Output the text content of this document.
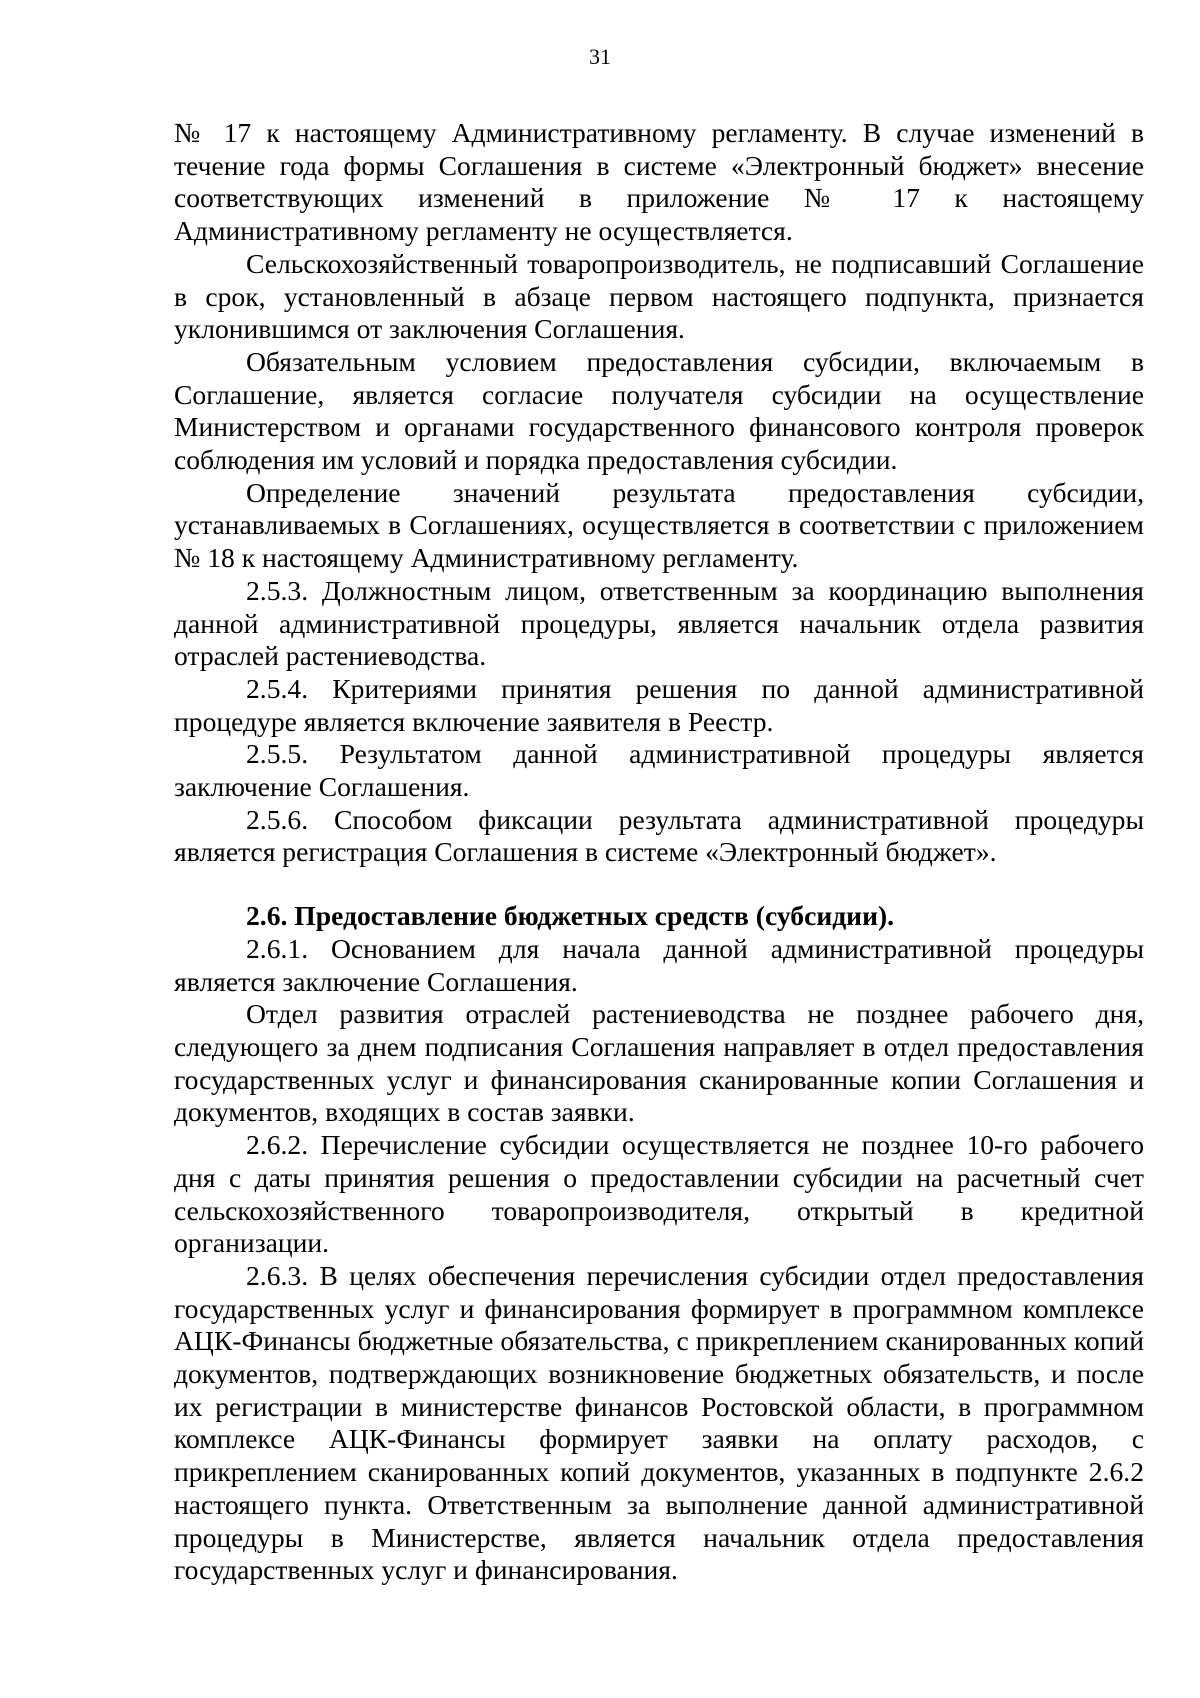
31

№ 17 к настоящему Административному регламенту. В случае изменений в течение года формы Соглашения в системе «Электронный бюджет» внесение соответствующих изменений в приложение № 17 к настоящему Административному регламенту не осуществляется.

Сельскохозяйственный товаропроизводитель, не подписавший Соглашение в срок, установленный в абзаце первом настоящего подпункта, признается уклонившимся от заключения Соглашения.

Обязательным условием предоставления субсидии, включаемым в Соглашение, является согласие получателя субсидии на осуществление Министерством и органами государственного финансового контроля проверок соблюдения им условий и порядка предоставления субсидии.

Определение значений результата предоставления субсидии, устанавливаемых в Соглашениях, осуществляется в соответствии с приложением № 18 к настоящему Административному регламенту.

2.5.3. Должностным лицом, ответственным за координацию выполнения данной административной процедуры, является начальник отдела развития отраслей растениеводства.

2.5.4. Критериями принятия решения по данной административной процедуре является включение заявителя в Реестр.

2.5.5. Результатом данной административной процедуры является заключение Соглашения.

2.5.6. Способом фиксации результата административной процедуры является регистрация Соглашения в системе «Электронный бюджет».

2.6. Предоставление бюджетных средств (субсидии).

2.6.1. Основанием для начала данной административной процедуры является заключение Соглашения.

Отдел развития отраслей растениеводства не позднее рабочего дня, следующего за днем подписания Соглашения направляет в отдел предоставления государственных услуг и финансирования сканированные копии Соглашения и документов, входящих в состав заявки.

2.6.2. Перечисление субсидии осуществляется не позднее 10-го рабочего дня с даты принятия решения о предоставлении субсидии на расчетный счет сельскохозяйственного товаропроизводителя, открытый в кредитной организации.

2.6.3. В целях обеспечения перечисления субсидии отдел предоставления государственных услуг и финансирования формирует в программном комплексе АЦК-Финансы бюджетные обязательства, с прикреплением сканированных копий документов, подтверждающих возникновение бюджетных обязательств, и после их регистрации в министерстве финансов Ростовской области, в программном комплексе АЦК-Финансы формирует заявки на оплату расходов, с прикреплением сканированных копий документов, указанных в подпункте 2.6.2 настоящего пункта. Ответственным за выполнение данной административной процедуры в Министерстве, является начальник отдела предоставления государственных услуг и финансирования.
